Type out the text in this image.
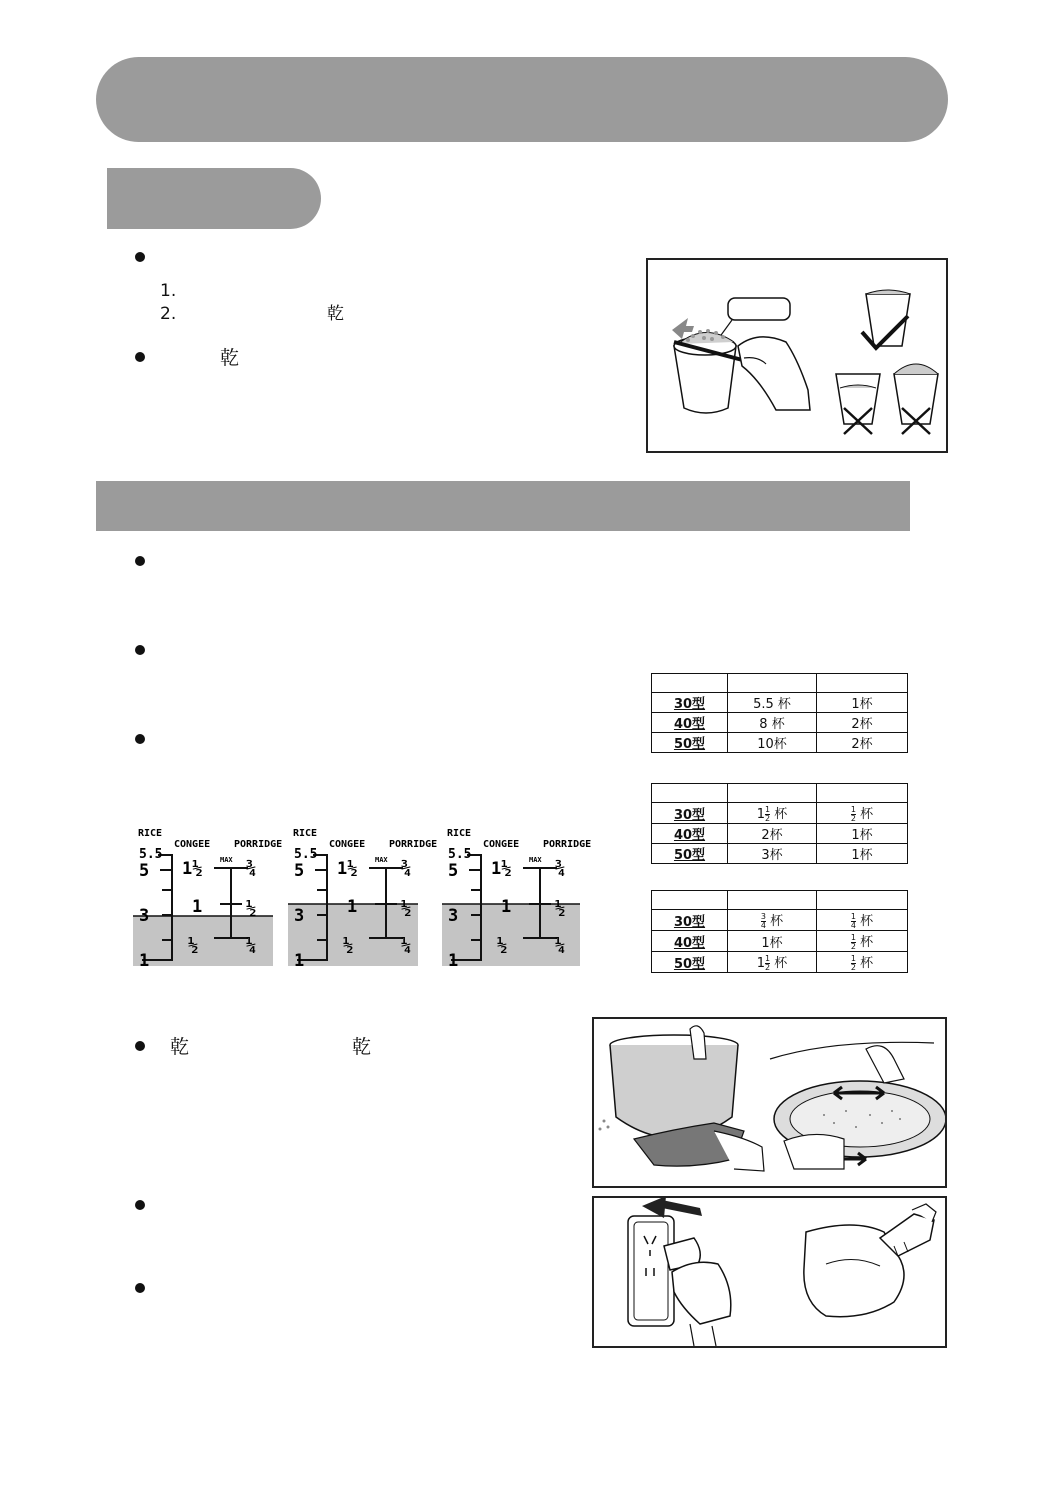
1.
2.	乾
乾

30型	5.5 杯	1杯
40型	8 杯	2杯
50型	10杯	2杯

30型	$1 \frac{1}{2}$ 杯	$\frac{1}{2}$ 杯
40型	2杯	1杯
50型	3杯	1杯

30型	$\frac{3}{4}$ 杯	$\frac{1}{4}$ 杯
40型	1杯	$\frac{1}{2}$ 杯
50型	$1 \frac{1}{2}$ 杯	$\frac{1}{2}$ 杯
RICE
CONGEE PORRIDGE
MAX
5.5
5
3
1
1½
1
½
¾
½
¼
RICE
CONGEE PORRIDGE
MAX
5.5
5
3
1
1½
1
½
¾
½
¼
RICE
CONGEE PORRIDGE
MAX
5.5
5
3
1
1½
1
½
¾
½
¼
乾	乾
